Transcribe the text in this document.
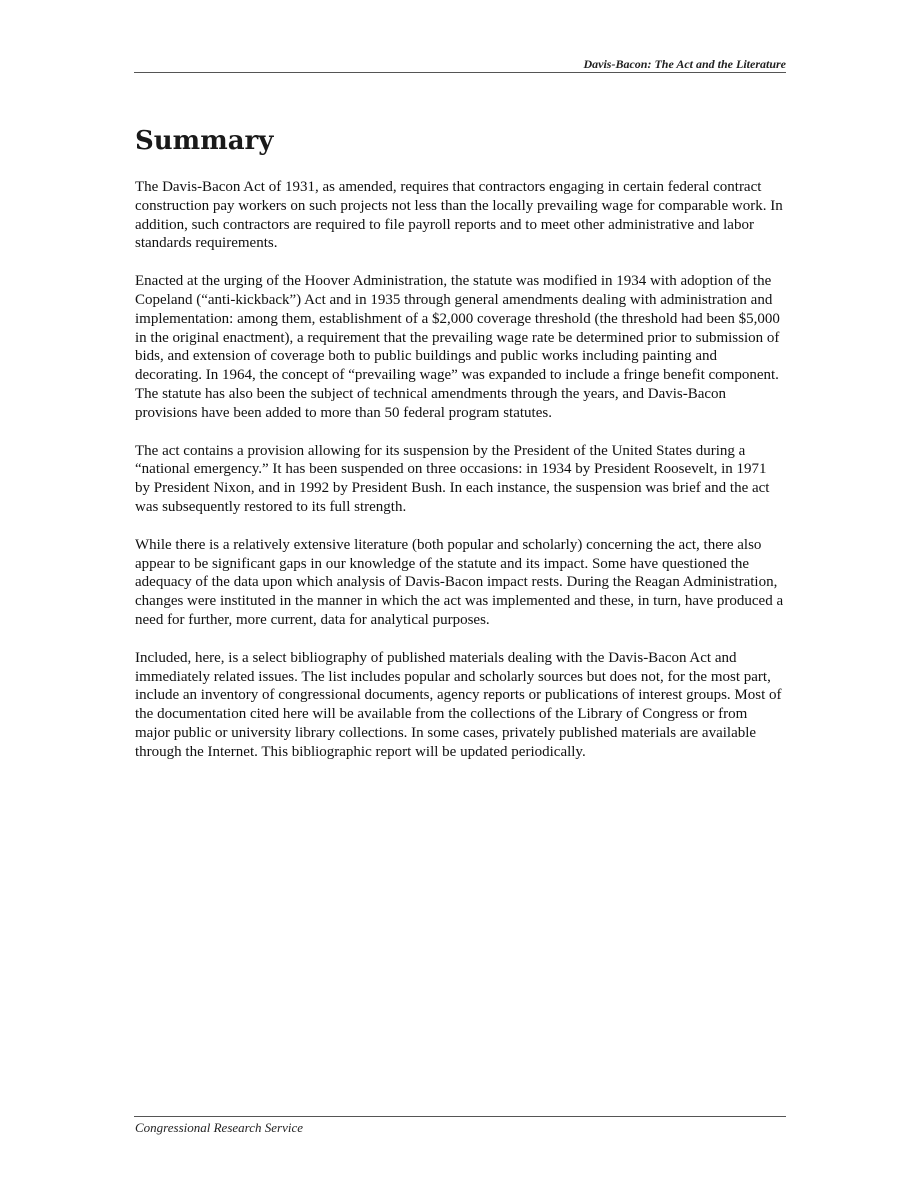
Davis-Bacon: The Act and the Literature
Summary

The Davis-Bacon Act of 1931, as amended, requires that contractors engaging in certain federal contract construction pay workers on such projects not less than the locally prevailing wage for comparable work. In addition, such contractors are required to file payroll reports and to meet other administrative and labor standards requirements.

Enacted at the urging of the Hoover Administration, the statute was modified in 1934 with adoption of the Copeland (“anti-kickback”) Act and in 1935 through general amendments dealing with administration and implementation: among them, establishment of a $2,000 coverage threshold (the threshold had been $5,000 in the original enactment), a requirement that the prevailing wage rate be determined prior to submission of bids, and extension of coverage both to public buildings and public works including painting and decorating. In 1964, the concept of “prevailing wage” was expanded to include a fringe benefit component. The statute has also been the subject of technical amendments through the years, and Davis-Bacon provisions have been added to more than 50 federal program statutes.

The act contains a provision allowing for its suspension by the President of the United States during a “national emergency.” It has been suspended on three occasions: in 1934 by President Roosevelt, in 1971 by President Nixon, and in 1992 by President Bush. In each instance, the suspension was brief and the act was subsequently restored to its full strength.

While there is a relatively extensive literature (both popular and scholarly) concerning the act, there also appear to be significant gaps in our knowledge of the statute and its impact. Some have questioned the adequacy of the data upon which analysis of Davis-Bacon impact rests. During the Reagan Administration, changes were instituted in the manner in which the act was implemented and these, in turn, have produced a need for further, more current, data for analytical purposes.

Included, here, is a select bibliography of published materials dealing with the Davis-Bacon Act and immediately related issues. The list includes popular and scholarly sources but does not, for the most part, include an inventory of congressional documents, agency reports or publications of interest groups. Most of the documentation cited here will be available from the collections of the Library of Congress or from major public or university library collections. In some cases, privately published materials are available through the Internet. This bibliographic report will be updated periodically.

Congressional Research Service
